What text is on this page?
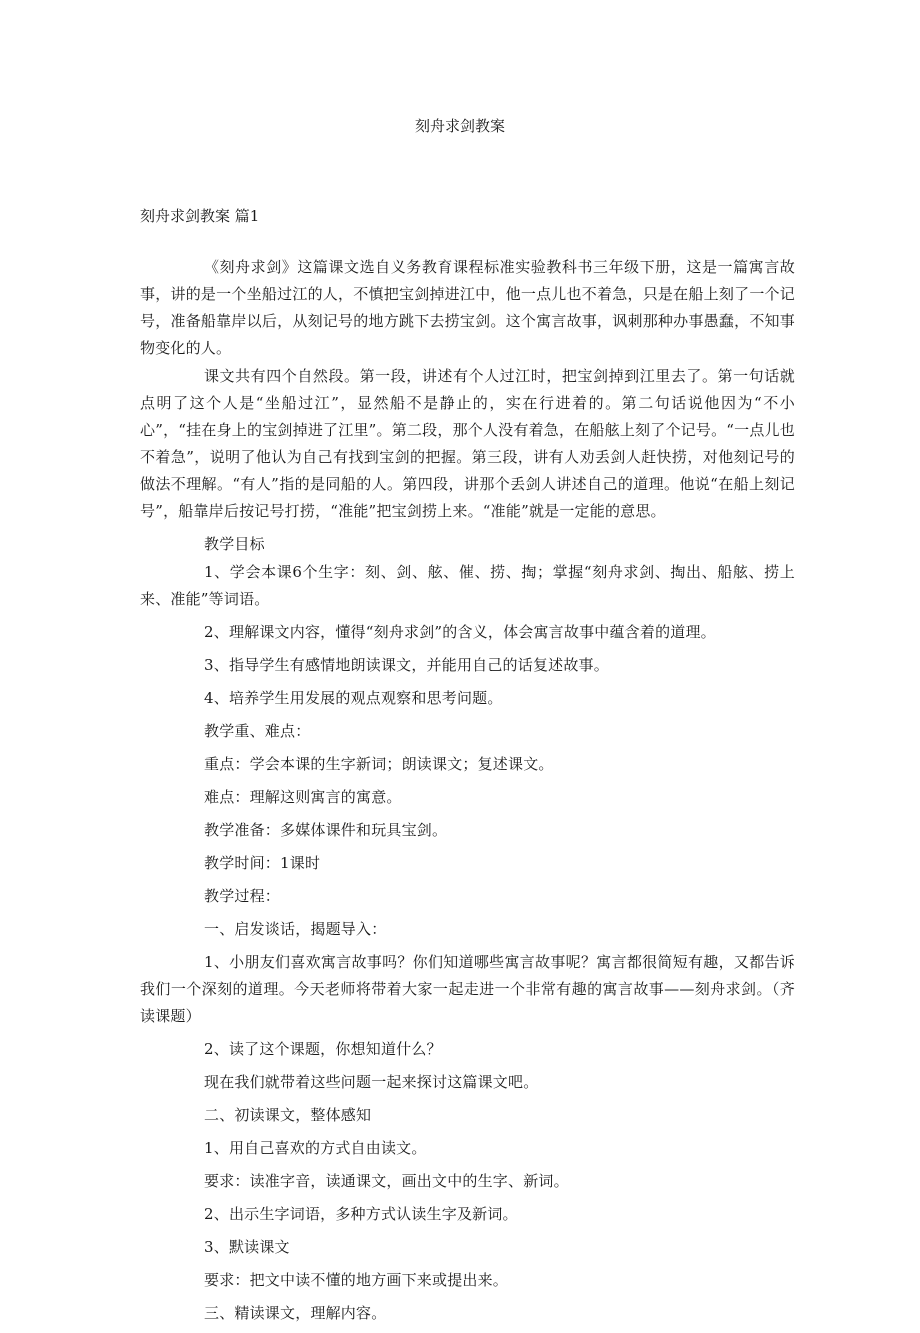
刻舟求剑教案
刻舟求剑教案 篇1

《刻舟求剑》这篇课文选自义务教育课程标准实验教科书三年级下册，这是一篇寓言故事，讲的是一个坐船过江的人，不慎把宝剑掉进江中，他一点儿也不着急，只是在船上刻了一个记号，准备船靠岸以后，从刻记号的地方跳下去捞宝剑。这个寓言故事，讽刺那种办事愚蠢，不知事物变化的人。

课文共有四个自然段。第一段，讲述有个人过江时，把宝剑掉到江里去了。第一句话就点明了这个人是“坐船过江”，显然船不是静止的，实在行进着的。第二句话说他因为“不小心”，“挂在身上的宝剑掉进了江里”。第二段，那个人没有着急，在船舷上刻了个记号。“一点儿也不着急”，说明了他认为自己有找到宝剑的把握。第三段，讲有人劝丢剑人赶快捞，对他刻记号的做法不理解。“有人”指的是同船的人。第四段，讲那个丢剑人讲述自己的道理。他说“在船上刻记号”，船靠岸后按记号打捞，“准能”把宝剑捞上来。“准能”就是一定能的意思。

教学目标

1、学会本课6个生字：刻、剑、舷、催、捞、掏；掌握“刻舟求剑、掏出、船舷、捞上来、准能”等词语。

2、理解课文内容，懂得“刻舟求剑”的含义，体会寓言故事中蕴含着的道理。

3、指导学生有感情地朗读课文，并能用自己的话复述故事。

4、培养学生用发展的观点观察和思考问题。

教学重、难点：

重点：学会本课的生字新词；朗读课文；复述课文。

难点：理解这则寓言的寓意。

教学准备：多媒体课件和玩具宝剑。

教学时间：1课时

教学过程：

一、启发谈话，揭题导入：

1、小朋友们喜欢寓言故事吗？你们知道哪些寓言故事呢？寓言都很简短有趣，又都告诉我们一个深刻的道理。今天老师将带着大家一起走进一个非常有趣的寓言故事——刻舟求剑。（齐读课题）

2、读了这个课题，你想知道什么？

现在我们就带着这些问题一起来探讨这篇课文吧。

二、初读课文，整体感知

1、用自己喜欢的方式自由读文。

要求：读准字音，读通课文，画出文中的生字、新词。

2、出示生字词语，多种方式认读生字及新词。

3、默读课文

要求：把文中读不懂的地方画下来或提出来。

三、精读课文，理解内容。
